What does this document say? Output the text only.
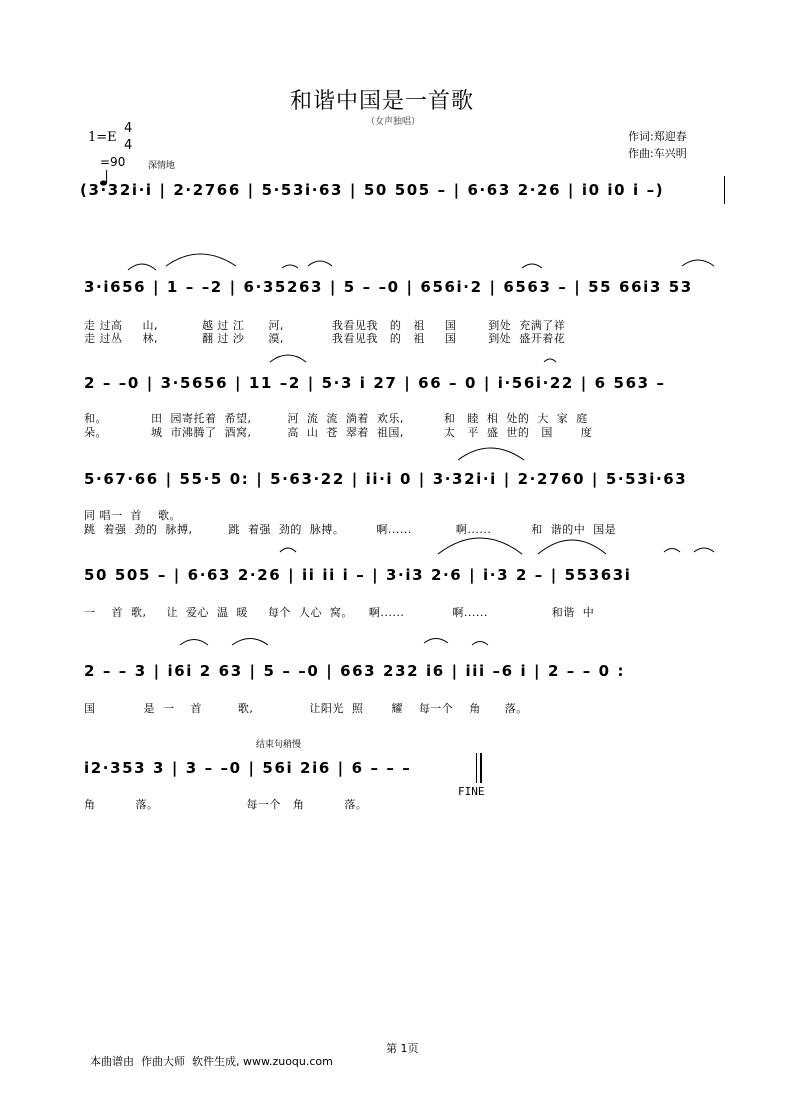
和谐中国是一首歌
（女声独唱）
作词:郑迎春
作曲:车兴明
1=E
4
4

=90	深情地
(3·32i·i | 2·2766 | 5·53i·63 | 50 505 – | 6·63 2·26 | i0 i0 i –)
3·i656 | 1 – –2 | 6·35263 | 5 – –0 | 656i·2 | 6563 – | 55 66i3 53
走 过高     山,           越 过 江      河,            我看见我   的   祖     国        到处  充满了祥
走 过丛     林,           翻 过 沙      漠,            我看见我   的   祖     国        到处  盛开着花
2 – –0 | 3·5656 | 11 –2 | 5·3 i 27 | 66 – 0 | i·56i·22 | 6 563 –
和。           田  园寄托着  希望,         河  流  流  淌着  欢乐,          和   睦  相  处的  大  家  庭
朵。           城  市沸腾了  酒窝,         高  山  苍  翠着  祖国,          太   平  盛  世的   国       度
5·67·66 | 55·5 0: | 5·63·22 | ii·i 0 | 3·32i·i | 2·2760 | 5·53i·63
同 唱一  首    歌。
跳  着强  劲的  脉搏,         跳  着强  劲的  脉搏。        啊......           啊......          和  谐的中  国是
50 505 – | 6·63 2·26 | ii ii i – | 3·i3 2·6 | i·3 2 – | 55363i
一    首  歌,     让  爱心  温  暖     每个  人心  窝。    啊......            啊......                和谐  中
2 – – 3 | i6i 2 63 | 5 – –0 | 663 232 i6 | iii –6 i | 2 – – 0 :
国            是  一    首         歌,              让阳光  照       耀    每一个    角      落。
结束句稍慢
i2·353 3 | 3 – –0 | 56i 2i6 | 6 – – –
FINE
角          落。                      每一个   角          落。
第 1页
本曲谱由  作曲大师  软件生成, www.zuoqu.com
